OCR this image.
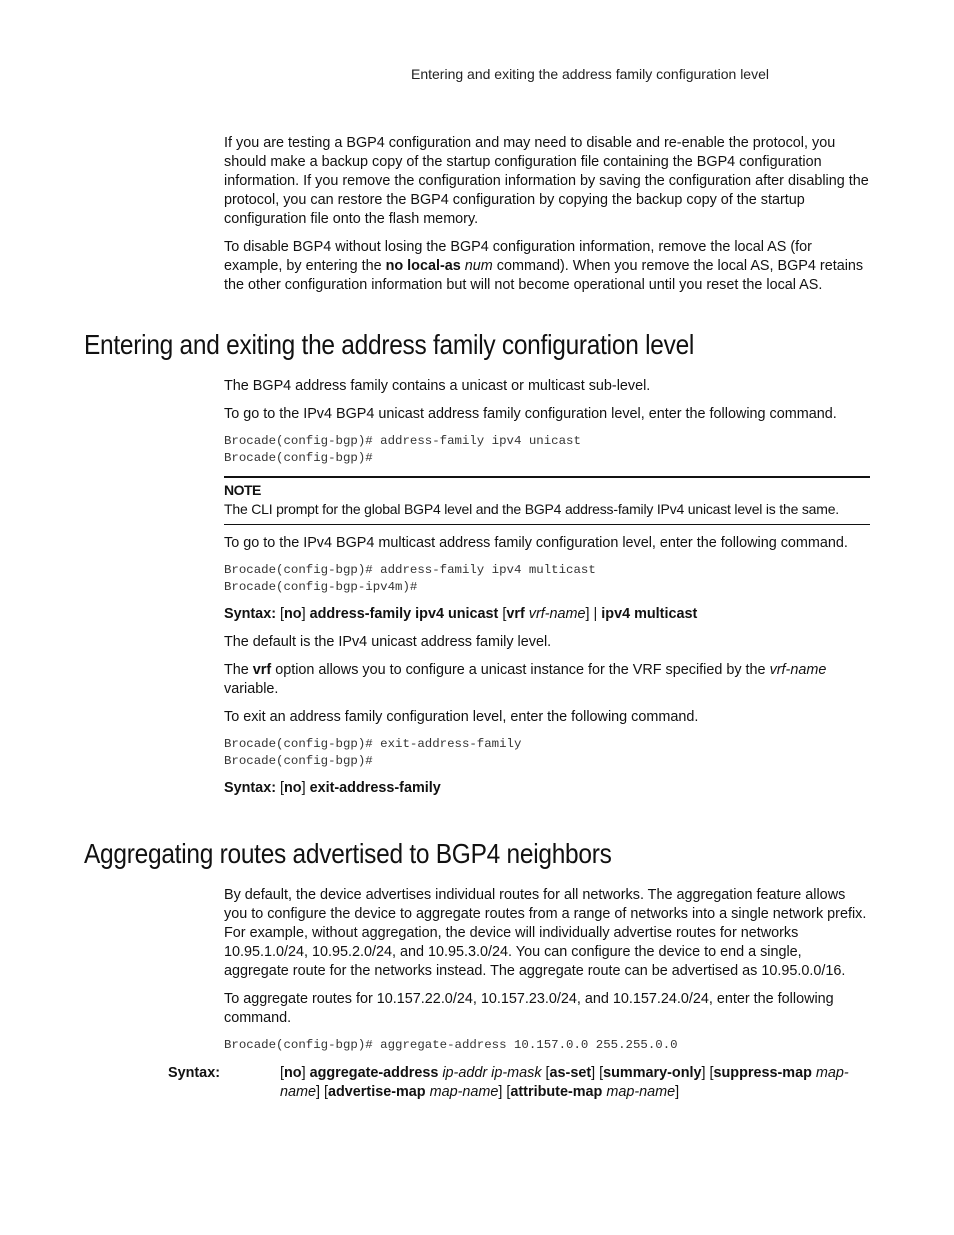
Entering and exiting the address family configuration level

If you are testing a BGP4 configuration and may need to disable and re-enable the protocol, you should make a backup copy of the startup configuration file containing the BGP4 configuration information. If you remove the configuration information by saving the configuration after disabling the protocol, you can restore the BGP4 configuration by copying the backup copy of the startup configuration file onto the flash memory.

To disable BGP4 without losing the BGP4 configuration information, remove the local AS (for example, by entering the no local-as num command). When you remove the local AS, BGP4 retains the other configuration information but will not become operational until you reset the local AS.

Entering and exiting the address family configuration level

The BGP4 address family contains a unicast or multicast sub-level.

To go to the IPv4 BGP4 unicast address family configuration level, enter the following command.

Brocade(config-bgp)# address-family ipv4 unicast
Brocade(config-bgp)#
NOTE
The CLI prompt for the global BGP4 level and the BGP4 address-family IPv4 unicast level is the same.

To go to the IPv4 BGP4 multicast address family configuration level, enter the following command.

Brocade(config-bgp)# address-family ipv4 multicast
Brocade(config-bgp-ipv4m)#

Syntax: [no] address-family ipv4 unicast [vrf vrf-name] | ipv4 multicast

The default is the IPv4 unicast address family level.

The vrf option allows you to configure a unicast instance for the VRF specified by the vrf-name variable.

To exit an address family configuration level, enter the following command.

Brocade(config-bgp)# exit-address-family
Brocade(config-bgp)#

Syntax: [no] exit-address-family

Aggregating routes advertised to BGP4 neighbors

By default, the device advertises individual routes for all networks. The aggregation feature allows you to configure the device to aggregate routes from a range of networks into a single network prefix. For example, without aggregation, the device will individually advertise routes for networks 10.95.1.0/24, 10.95.2.0/24, and 10.95.3.0/24. You can configure the device to end a single, aggregate route for the networks instead. The aggregate route can be advertised as 10.95.0.0/16.

To aggregate routes for 10.157.22.0/24, 10.157.23.0/24, and 10.157.24.0/24, enter the following command.

Brocade(config-bgp)# aggregate-address 10.157.0.0 255.255.0.0

Syntax:	[no] aggregate-address ip-addr ip-mask [as-set] [summary-only] [suppress-map map-name] [advertise-map map-name] [attribute-map map-name]
